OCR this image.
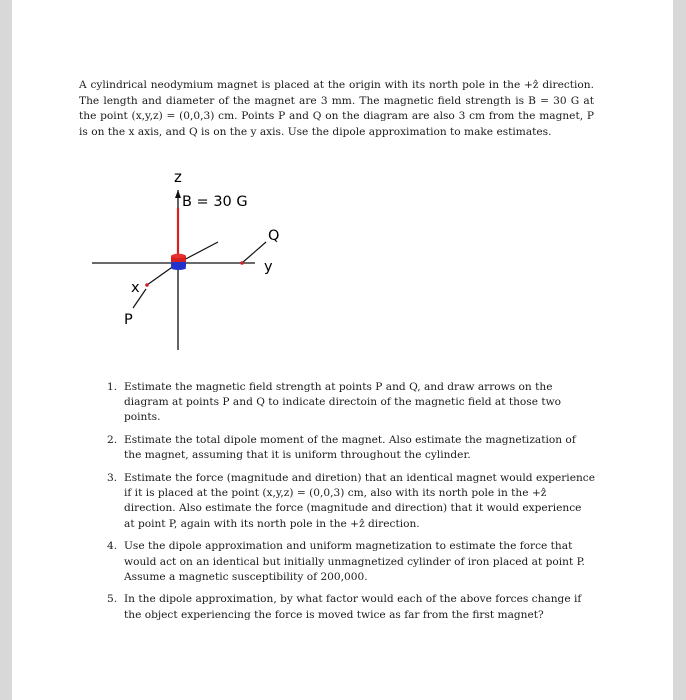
A cylindrical neodymium magnet is placed at the origin with its north pole in the +ẑ direction. The length and diameter of the magnet are 3 mm. The magnetic field strength is B = 30 G at the point (x,y,z) = (0,0,3) cm. Points P and Q on the diagram are also 3 cm from the magnet, P is on the x axis, and Q is on the y axis. Use the dipole approximation to make estimates.

z
B = 30 G
Q
y
x
P
1. Estimate the magnetic field strength at points P and Q, and draw arrows on the diagram at points P and Q to indicate directoin of the magnetic field at those two points.
2. Estimate the total dipole moment of the magnet. Also estimate the magnetization of the magnet, assuming that it is uniform throughout the cylinder.
3. Estimate the force (magnitude and diretion) that an identical magnet would experience if it is placed at the point (x,y,z) = (0,0,3) cm, also with its north pole in the +ẑ direction. Also estimate the force (magnitude and direction) that it would experience at point P, again with its north pole in the +ẑ direction.
4. Use the dipole approximation and uniform magnetization to estimate the force that would act on an identical but initially unmagnetized cylinder of iron placed at point P. Assume a magnetic susceptibility of 200,000.
5. In the dipole approximation, by what factor would each of the above forces change if the object experiencing the force is moved twice as far from the first magnet?
